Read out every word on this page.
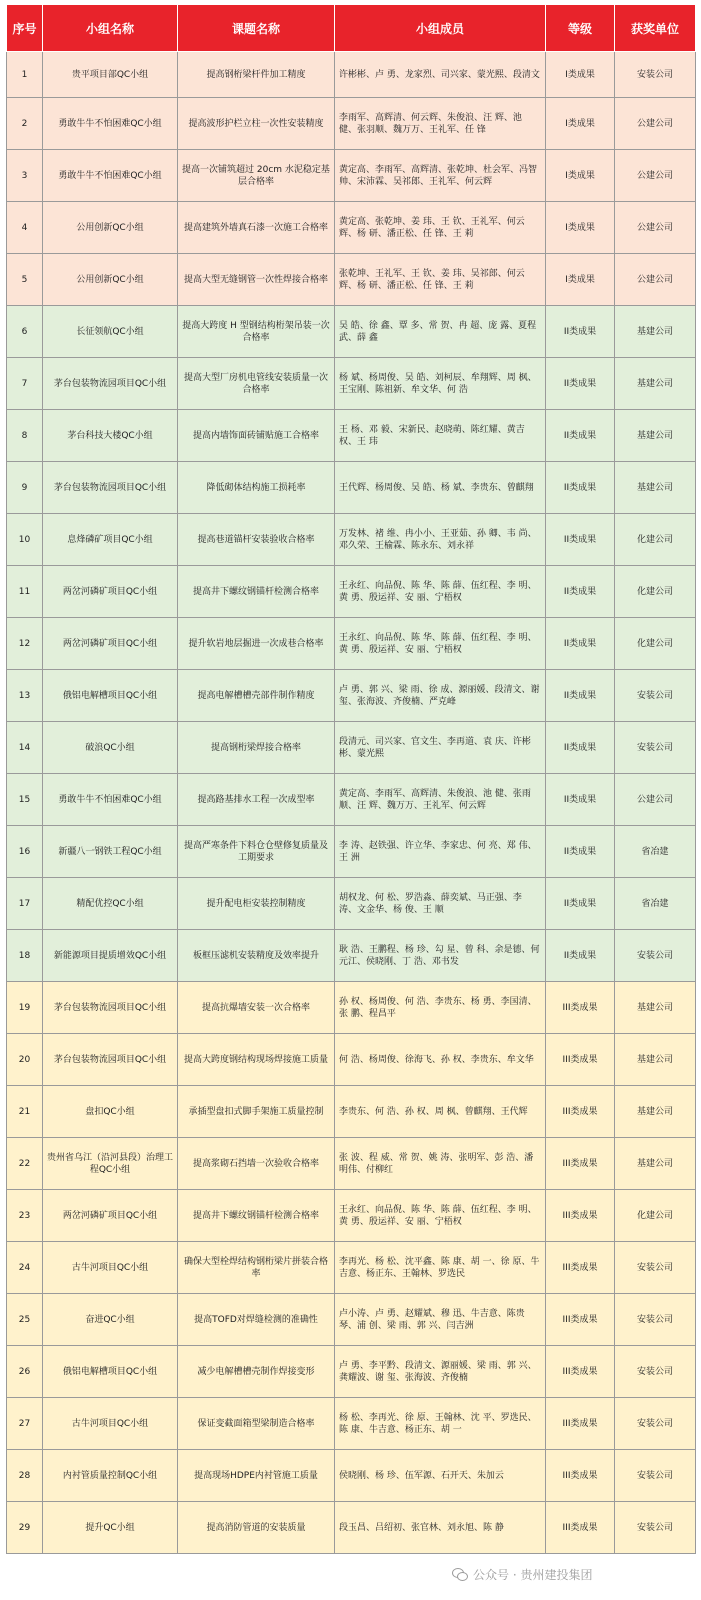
序号	小组名称	课题名称	小组成员	等级	获奖单位
1	贵平项目部QC小组	提高钢桁梁杆件加工精度	许彬彬、卢 勇、龙家烈、司兴家、蒙光熙、段清文	I类成果	安装公司
2	勇敢牛牛不怕困难QC小组	提高波形护栏立柱一次性安装精度	李雨军、高辉清、何云辉、朱俊浪、汪 辉、池 健、张羽顺、魏万万、王礼军、任 锋	I类成果	公建公司
3	勇敢牛牛不怕困难QC小组	提高一次铺筑超过 20cm 水泥稳定基层合格率	黄定高、李雨军、高辉清、张乾坤、杜会军、冯智帅、宋沛霖、吴祁郎、王礼军、何云辉	I类成果	公建公司
4	公用创新QC小组	提高建筑外墙真石漆一次施工合格率	黄定高、张乾坤、姜 玮、王 钦、王礼军、何云辉、杨 研、潘正松、任 锋、王 莉	I类成果	公建公司
5	公用创新QC小组	提高大型无缝钢管一次性焊接合格率	张乾坤、王礼军、王 钦、姜 玮、吴祁郎、何云辉、杨 研、潘正松、任 锋、王 莉	I类成果	公建公司
6	长征领航QC小组	提高大跨度 H 型钢结构桁架吊装一次合格率	吴 皓、徐 鑫、覃 多、常 贺、冉 超、庞 露、夏程武、薛 鑫	II类成果	基建公司
7	茅台包装物流园项目QC小组	提高大型厂房机电管线安装质量一次合格率	杨 斌、杨周俊、吴 皓、刘柯辰、牟翔辉、周 枫、王宝刚、陈祖新、牟文华、何 浩	II类成果	基建公司
8	茅台科技大楼QC小组	提高内墙饰面砖铺贴施工合格率	王 杨、邓 毅、宋新民、赵晓萌、陈红耀、黄吉权、王 玮	II类成果	基建公司
9	茅台包装物流园项目QC小组	降低砌体结构施工损耗率	王代辉、杨周俊、吴 皓、杨 斌、李贵东、曾麒翔	II类成果	基建公司
10	息烽磷矿项目QC小组	提高巷道锚杆安装验收合格率	万发林、褚 维、冉小小、王亚茹、孙 卿、韦 尚、邓久荣、王榆霖、陈永东、刘永祥	II类成果	化建公司
11	两岔河磷矿项目QC小组	提高井下螺纹钢锚杆检测合格率	王永红、向品倪、陈 华、陈 薛、伍红程、李 明、黄 勇、殷运祥、安 丽、宁梧权	II类成果	化建公司
12	两岔河磷矿项目QC小组	提升软岩地层掘进一次成巷合格率	王永红、向品倪、陈 华、陈 薛、伍红程、李 明、黄 勇、殷运祥、安 丽、宁梧权	II类成果	化建公司
13	俄铝电解槽项目QC小组	提高电解槽槽壳部件制作精度	卢 勇、郭 兴、梁 雨、徐 成、源丽媛、段清文、谢 玺、张海波、齐俊楠、严克峰	II类成果	安装公司
14	破浪QC小组	提高钢桁梁焊接合格率	段清元、司兴家、官文生、李再道、袁 庆、许彬彬、蒙光熙	II类成果	安装公司
15	勇敢牛牛不怕困难QC小组	提高路基排水工程一次成型率	黄定高、李雨军、高辉清、朱俊浪、池 健、张雨顺、汪 辉、魏万万、王礼军、何云辉	II类成果	公建公司
16	新疆八一钢铁工程QC小组	提高严寒条件下料仓仓壁修复质量及工期要求	李 涛、赵铁强、许立华、李家忠、何 亮、郑 伟、王 洲	II类成果	省冶建
17	精配优控QC小组	提升配电柜安装控制精度	胡权龙、何 松、罗浩淼、薛奕斌、马正强、李 涛、文金华、杨 俊、王 顺	II类成果	省冶建
18	新能源项目提质增效QC小组	板框压滤机安装精度及效率提升	耿 浩、王鹏程、杨 珍、勾 星、曾 科、余是德、何元江、侯晓刚、丁 浩、邓书发	II类成果	安装公司
19	茅台包装物流园项目QC小组	提高抗爆墙安装一次合格率	孙 权、杨周俊、何 浩、李贵东、杨 勇、李国清、张 鹏、程昌平	III类成果	基建公司
20	茅台包装物流园项目QC小组	提高大跨度钢结构现场焊接施工质量	何 浩、杨周俊、徐海飞、孙 权、李贵东、牟文华	III类成果	基建公司
21	盘扣QC小组	承插型盘扣式脚手架施工质量控制	李贵东、何 浩、孙 权、周 枫、曾麒翔、王代辉	III类成果	基建公司
22	贵州省乌江（沿河县段）治理工程QC小组	提高浆砌石挡墙一次验收合格率	张 波、程 威、常 贺、姚 涛、张明军、彭 浩、潘明伟、付柳红	III类成果	基建公司
23	两岔河磷矿项目QC小组	提高井下螺纹钢锚杆检测合格率	王永红、向品倪、陈 华、陈 薛、伍红程、李 明、黄 勇、殷运祥、安 丽、宁梧权	III类成果	化建公司
24	古牛河项目QC小组	确保大型栓焊结构钢桁梁片拼装合格率	李再光、杨 松、沈平鑫、陈 康、胡 一、徐 原、牛吉意、杨正东、王翰林、罗选民	III类成果	安装公司
25	奋进QC小组	提高TOFD对焊缝检测的准确性	卢小涛、卢 勇、赵耀斌、穆 迅、牛吉意、陈贵琴、浦 创、梁 雨、郭 兴、闫吉洲	III类成果	安装公司
26	俄铝电解槽项目QC小组	减少电解槽槽壳制作焊接变形	卢 勇、李平黔、段清文、源丽媛、梁 雨、郭 兴、龚耀波、谢 玺、张海波、齐俊楠	III类成果	安装公司
27	古牛河项目QC小组	保证变截面箱型梁制造合格率	杨 松、李再光、徐 原、王翰林、沈 平、罗选民、陈 康、牛吉意、杨正东、胡 一	III类成果	安装公司
28	内衬管质量控制QC小组	提高现场HDPE内衬管施工质量	侯晓刚、杨 珍、伍军源、石开天、朱加云	III类成果	安装公司
29	提升QC小组	提高消防管道的安装质量	段玉昌、吕绍初、张官林、刘永旭、陈 静	III类成果	安装公司
公众号 · 贵州建投集团
